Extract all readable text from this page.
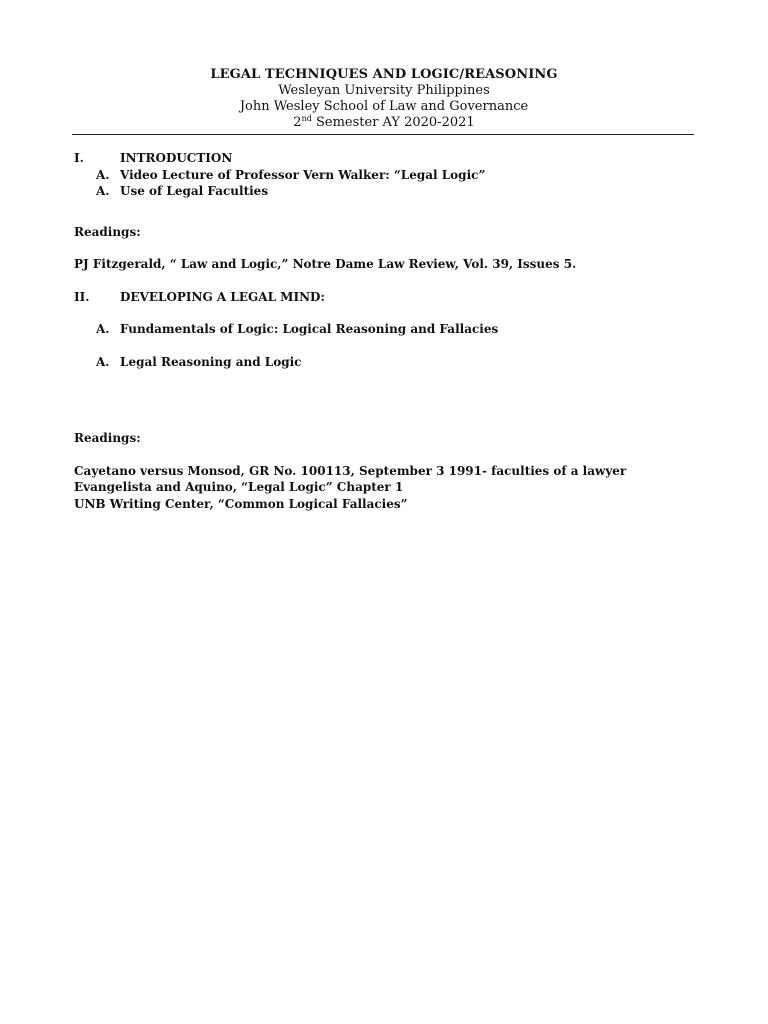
LEGAL TECHNIQUES AND LOGIC/REASONING
Wesleyan University Philippines
John Wesley School of Law and Governance
2nd Semester AY 2020-2021
I.	INTRODUCTION
A. Video Lecture of Professor Vern Walker: “Legal Logic”
A. Use of Legal Faculties
Readings:
PJ Fitzgerald, “ Law and Logic,” Notre Dame Law Review, Vol. 39, Issues 5.
II.	DEVELOPING A LEGAL MIND:
A. Fundamentals of Logic: Logical Reasoning and Fallacies
A. Legal Reasoning and Logic
Readings:
Cayetano versus Monsod, GR No. 100113, September 3 1991- faculties of a lawyer
Evangelista and Aquino, “Legal Logic” Chapter 1
UNB Writing Center, “Common Logical Fallacies”
